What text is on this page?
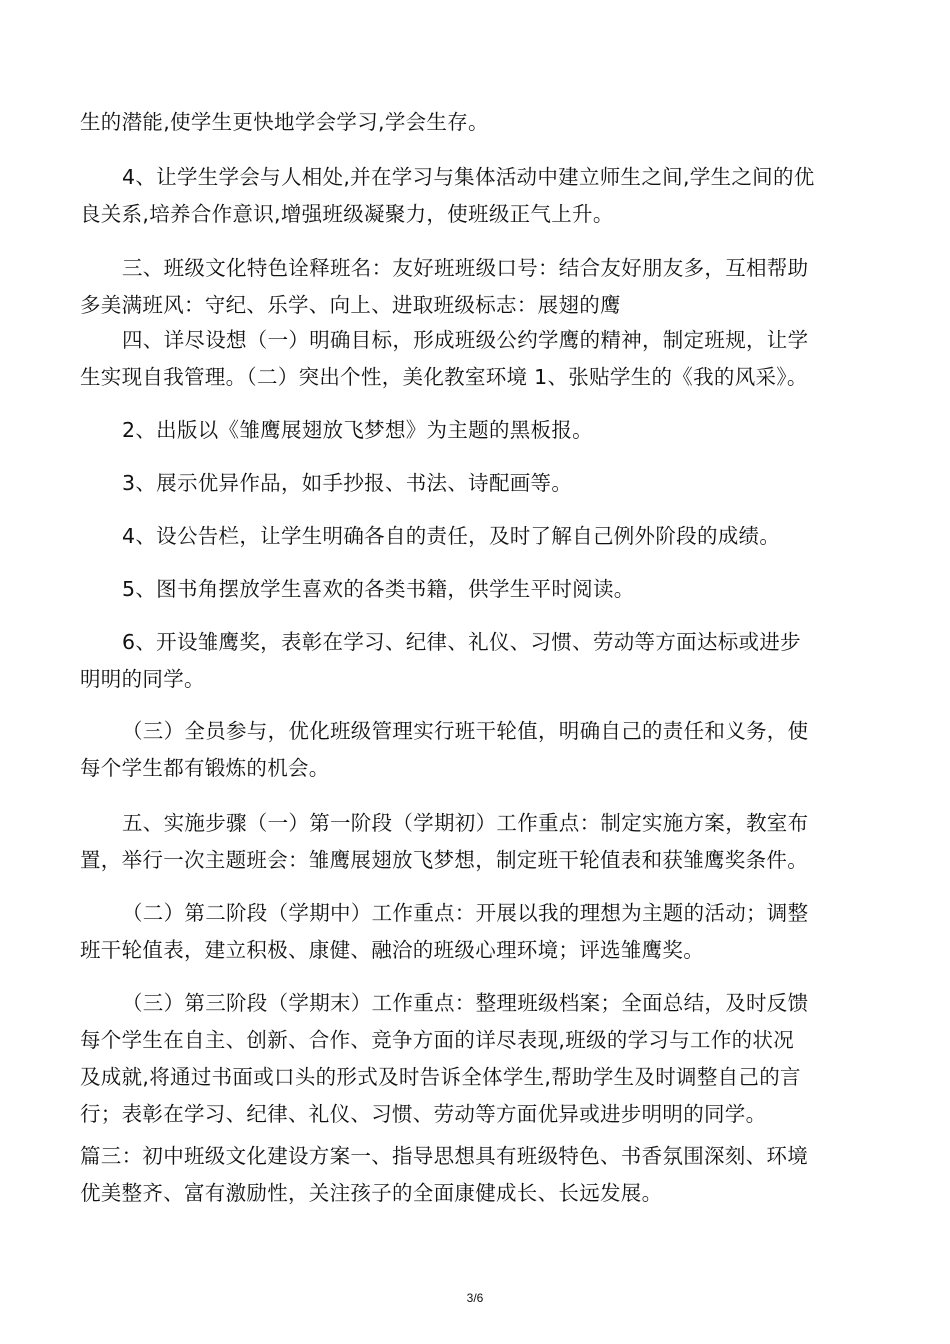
生的潜能,使学生更快地学会学习,学会生存。

4、让学生学会与人相处,并在学习与集体活动中建立师生之间,学生之间的优
良关系,培养合作意识,增强班级凝聚力，使班级正气上升。

三、班级文化特色诠释班名：友好班班级口号：结合友好朋友多，互相帮助
多美满班风：守纪、乐学、向上、进取班级标志：展翅的鹰

四、详尽设想（一）明确目标，形成班级公约学鹰的精神，制定班规，让学
生实现自我管理。（二）突出个性，美化教室环境 1、张贴学生的《我的风采》。

2、出版以《雏鹰展翅放飞梦想》为主题的黑板报。

3、展示优异作品，如手抄报、书法、诗配画等。

4、设公告栏，让学生明确各自的责任，及时了解自己例外阶段的成绩。

5、图书角摆放学生喜欢的各类书籍，供学生平时阅读。

6、开设雏鹰奖，表彰在学习、纪律、礼仪、习惯、劳动等方面达标或进步
明明的同学。

（三）全员参与，优化班级管理实行班干轮值，明确自己的责任和义务，使
每个学生都有锻炼的机会。

五、实施步骤（一）第一阶段（学期初）工作重点：制定实施方案，教室布
置，举行一次主题班会：雏鹰展翅放飞梦想，制定班干轮值表和获雏鹰奖条件。

（二）第二阶段（学期中）工作重点：开展以我的理想为主题的活动；调整
班干轮值表，建立积极、康健、融洽的班级心理环境；评选雏鹰奖。

（三）第三阶段（学期末）工作重点：整理班级档案；全面总结，及时反馈
每个学生在自主、创新、合作、竞争方面的详尽表现,班级的学习与工作的状况
及成就,将通过书面或口头的形式及时告诉全体学生,帮助学生及时调整自己的言
行；表彰在学习、纪律、礼仪、习惯、劳动等方面优异或进步明明的同学。

篇三：初中班级文化建设方案一、指导思想具有班级特色、书香氛围深刻、环境
优美整齐、富有激励性，关注孩子的全面康健成长、长远发展。

3/6
